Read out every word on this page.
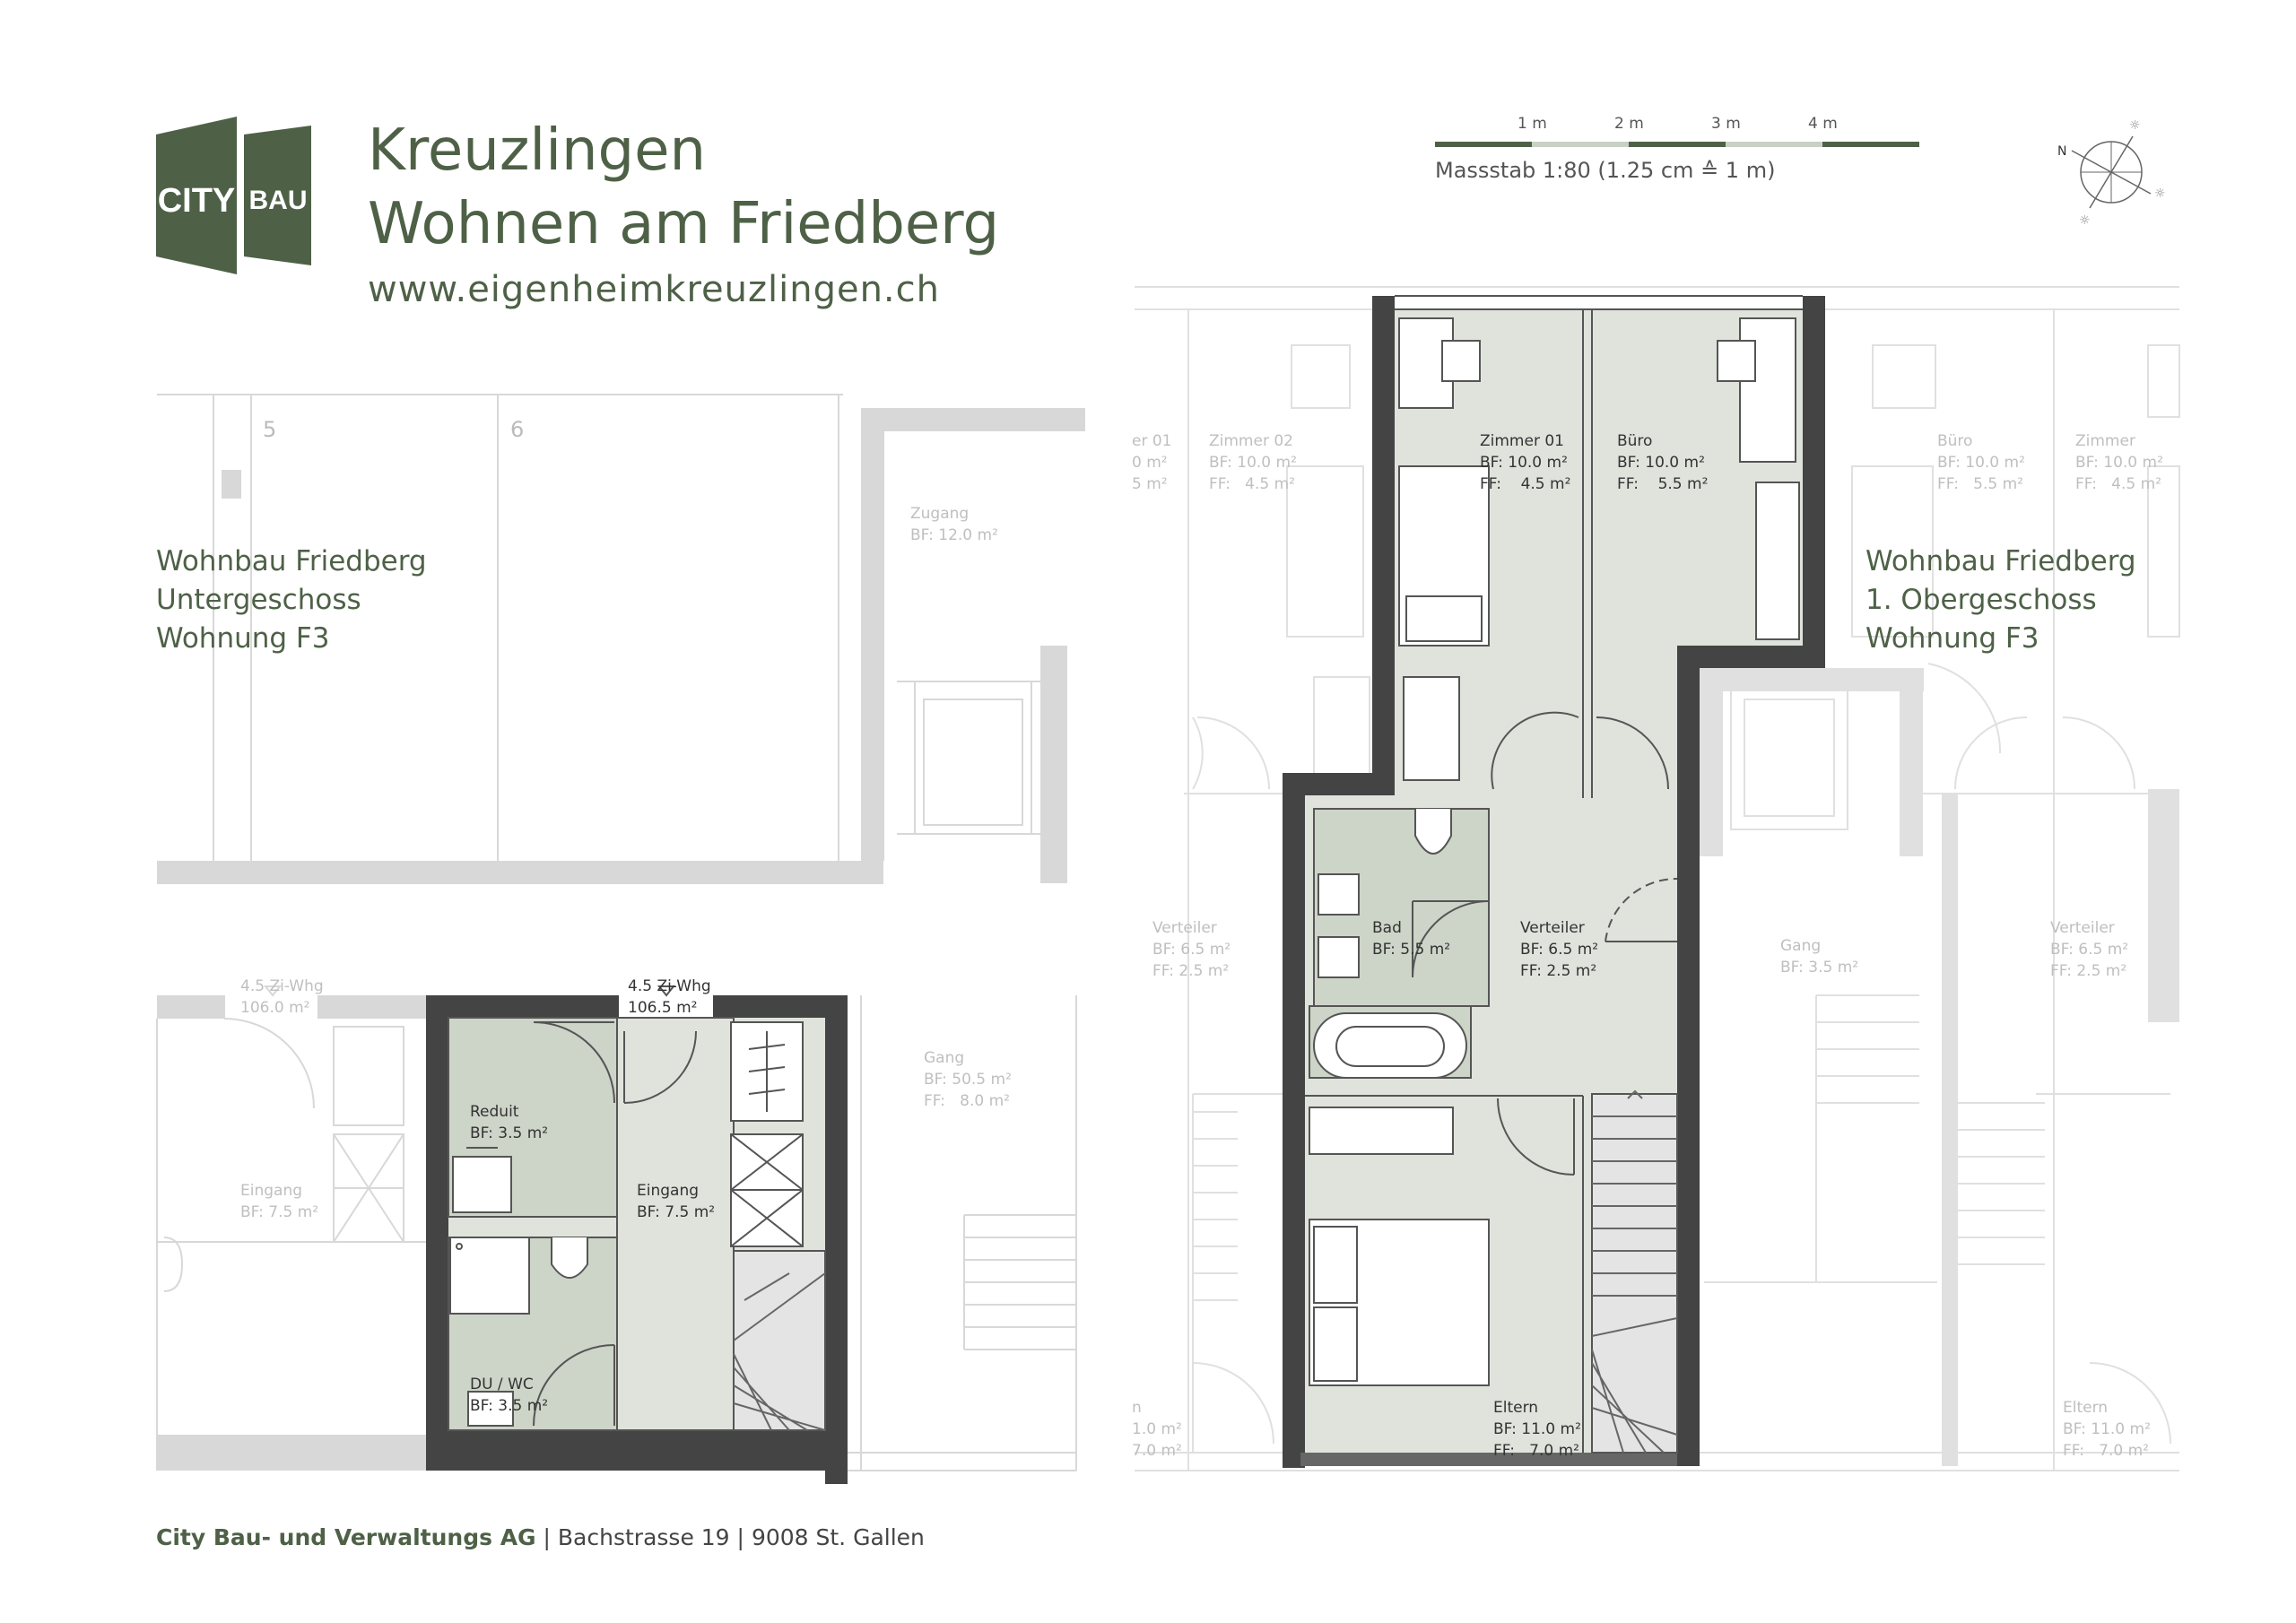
CITY BAU
Kreuzlingen
Wohnen am Friedberg
www.eigenheimkreuzlingen.ch
1 m	2 m	3 m	4 m
Massstab 1:80 (1.25 cm ≙ 1 m)
N
☼
☼
☼
5	6

Zugang
BF: 12.0 m²

Wohnbau Friedberg
Untergeschoss
Wohnung F3

4.5 Zi-Whg
106.0 m²

4.5 Zi-Whg
106.5 m²

Eingang
BF: 7.5 m²

Gang
BF: 50.5 m²
FF:   8.0 m²

Reduit
BF: 3.5 m²

Eingang
BF: 7.5 m²

DU / WC
BF: 3.5 m²

er 01
0 m²
5 m²

Zimmer 02
BF: 10.0 m²
FF:   4.5 m²

Verteiler
BF: 6.5 m²
FF: 2.5 m²

n
1.0 m²
7.0 m²

Büro
BF: 10.0 m²
FF:   5.5 m²

Zimmer
BF: 10.0 m²
FF:   4.5 m²

Gang
BF: 3.5 m²

Verteiler
BF: 6.5 m²
FF: 2.5 m²

Eltern
BF: 11.0 m²
FF:   7.0 m²

Zimmer 01
BF: 10.0 m²
FF:    4.5 m²

Büro
BF: 10.0 m²
FF:    5.5 m²

Bad
BF: 5.5 m²

Verteiler
BF: 6.5 m²
FF: 2.5 m²

Eltern
BF: 11.0 m²
FF:   7.0 m²

Wohnbau Friedberg
1. Obergeschoss
Wohnung F3
City Bau- und Verwaltungs AG | Bachstrasse 19 | 9008 St. Gallen
